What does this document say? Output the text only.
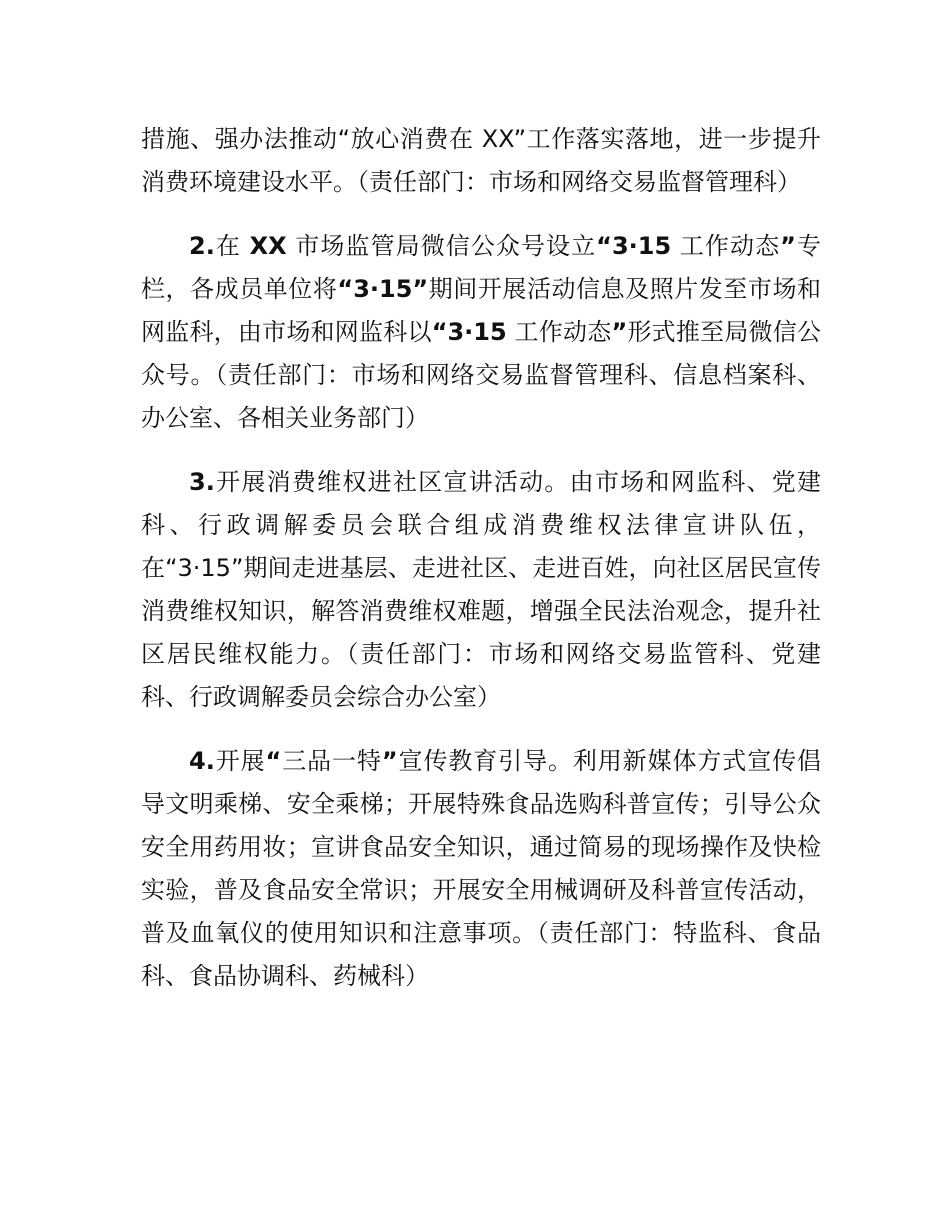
措施、强办法推动“放心消费在 XX”工作落实落地，进一步提升消费环境建设水平。（责任部门：市场和网络交易监督管理科）

2.在 XX 市场监管局微信公众号设立“3·15 工作动态”专栏，各成员单位将“3·15”期间开展活动信息及照片发至市场和网监科，由市场和网监科以“3·15 工作动态”形式推至局微信公众号。（责任部门：市场和网络交易监督管理科、信息档案科、办公室、各相关业务部门）

3.开展消费维权进社区宣讲活动。由市场和网监科、党建科、行政调解委员会联合组成消费维权法律宣讲队伍，在“3·15”期间走进基层、走进社区、走进百姓，向社区居民宣传消费维权知识，解答消费维权难题，增强全民法治观念，提升社区居民维权能力。（责任部门：市场和网络交易监管科、党建科、行政调解委员会综合办公室）

4.开展“三品一特”宣传教育引导。利用新媒体方式宣传倡导文明乘梯、安全乘梯；开展特殊食品选购科普宣传；引导公众安全用药用妆；宣讲食品安全知识，通过简易的现场操作及快检实验，普及食品安全常识；开展安全用械调研及科普宣传活动，普及血氧仪的使用知识和注意事项。（责任部门：特监科、食品科、食品协调科、药械科）
